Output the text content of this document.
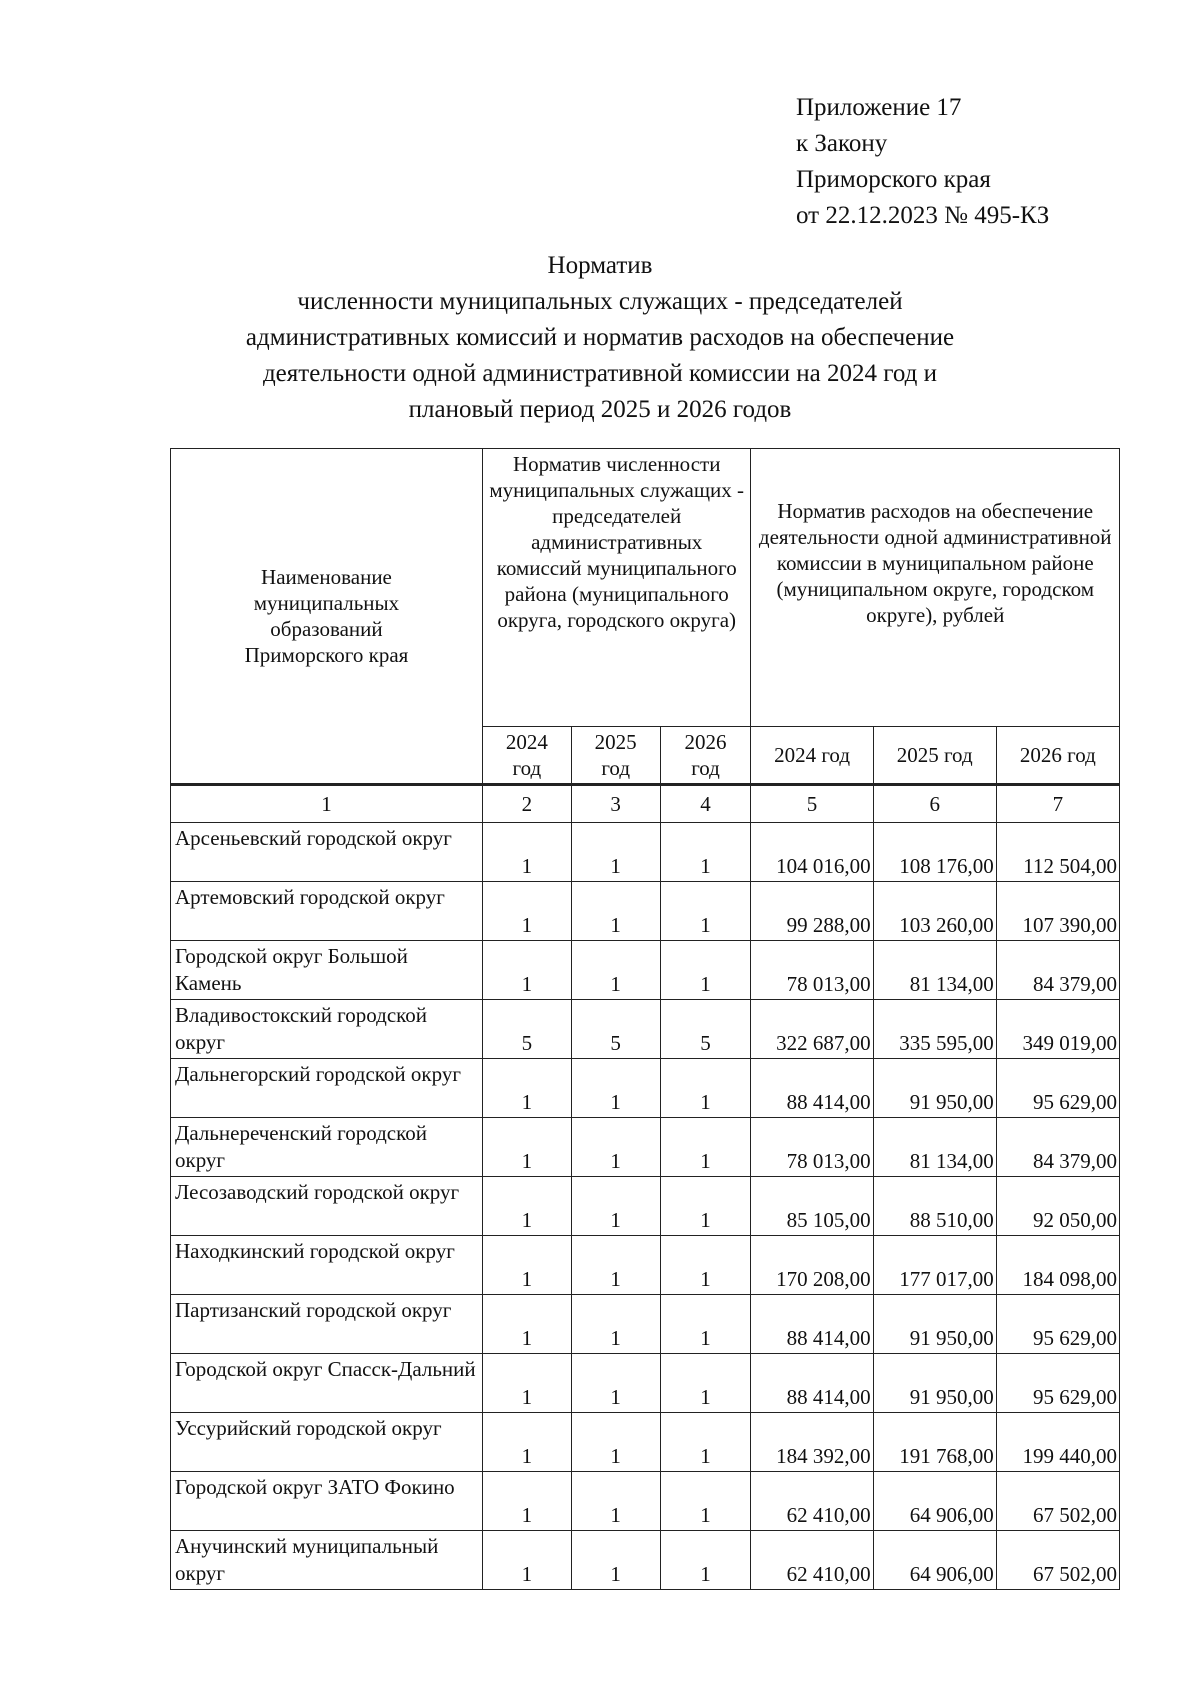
Приложение 17
к Закону
Приморского края
от 22.12.2023 № 495-КЗ
Норматив
численности муниципальных служащих - председателей
административных комиссий и норматив расходов на обеспечение
деятельности одной административной комиссии на 2024 год и
плановый период 2025 и 2026 годов
Наименование муниципальных образований Приморского края	Норматив численности муниципальных служащих - председателей административных комиссий муниципального района (муниципального округа, городского округа)			Норматив расходов на обеспечение деятельности одной административной комиссии в муниципальном районе (муниципальном округе, городском округе), рублей		
	2024 год	2025 год	2026 год	2024 год	2025 год	2026 год
1	2	3	4	5	6	7
Арсеньевский городской округ	1	1	1	104 016,00	108 176,00	112 504,00
Артемовский городской округ	1	1	1	99 288,00	103 260,00	107 390,00
Городской округ Большой Камень	1	1	1	78 013,00	81 134,00	84 379,00
Владивостокский городской округ	5	5	5	322 687,00	335 595,00	349 019,00
Дальнегорский городской округ	1	1	1	88 414,00	91 950,00	95 629,00
Дальнереченский городской округ	1	1	1	78 013,00	81 134,00	84 379,00
Лесозаводский городской округ	1	1	1	85 105,00	88 510,00	92 050,00
Находкинский городской округ	1	1	1	170 208,00	177 017,00	184 098,00
Партизанский городской округ	1	1	1	88 414,00	91 950,00	95 629,00
Городской округ Спасск-Дальний	1	1	1	88 414,00	91 950,00	95 629,00
Уссурийский городской округ	1	1	1	184 392,00	191 768,00	199 440,00
Городской округ ЗАТО Фокино	1	1	1	62 410,00	64 906,00	67 502,00
Анучинский муниципальный округ	1	1	1	62 410,00	64 906,00	67 502,00
